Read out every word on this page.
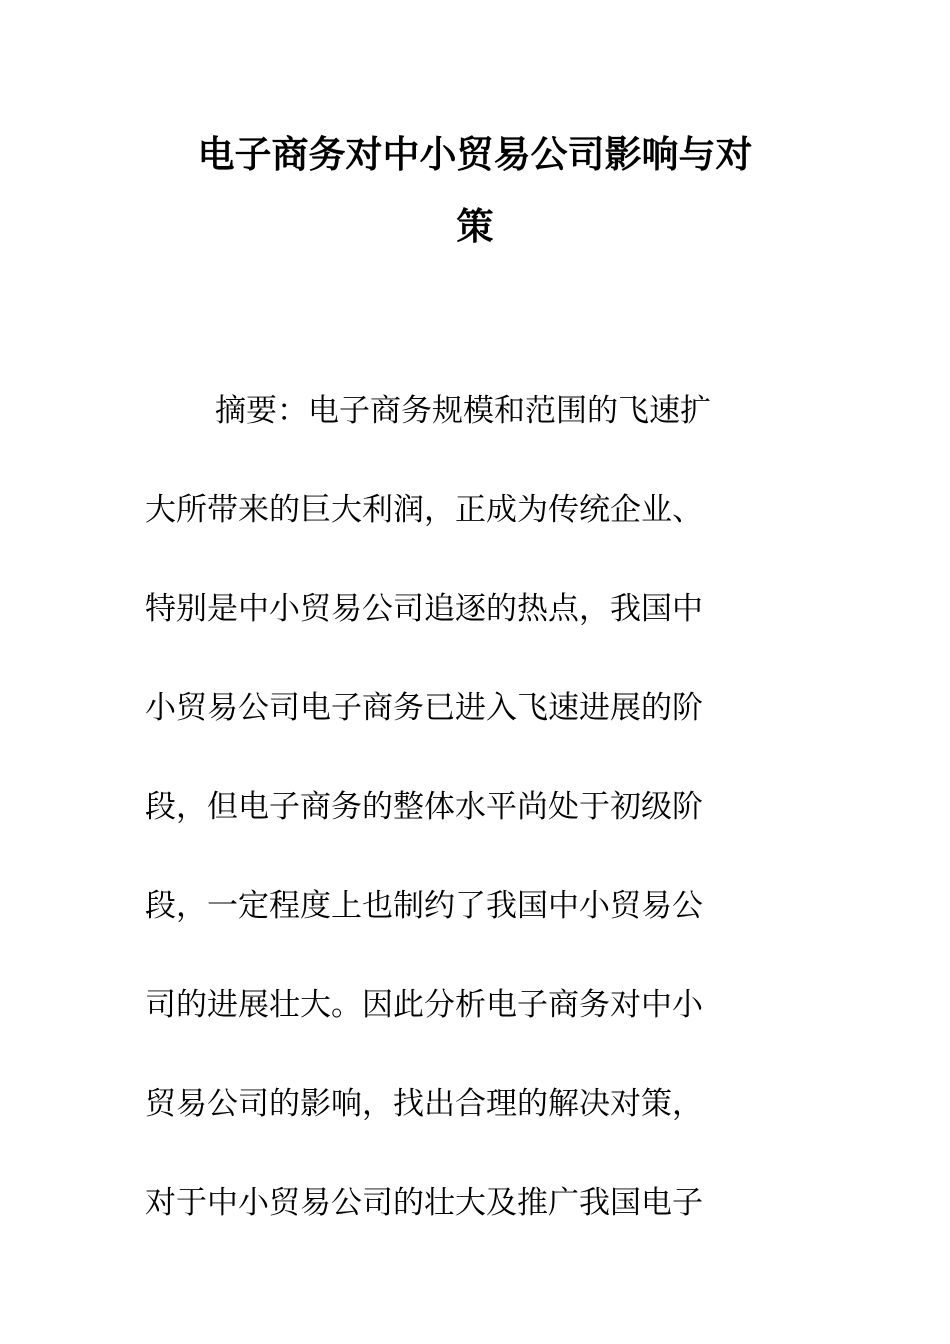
电子商务对中小贸易公司影响与对
策
摘要：电子商务规模和范围的飞速扩
大所带来的巨大利润，正成为传统企业、
特别是中小贸易公司追逐的热点，我国中
小贸易公司电子商务已进入飞速进展的阶
段，但电子商务的整体水平尚处于初级阶
段，一定程度上也制约了我国中小贸易公
司的进展壮大。因此分析电子商务对中小
贸易公司的影响，找出合理的解决对策，
对于中小贸易公司的壮大及推广我国电子
